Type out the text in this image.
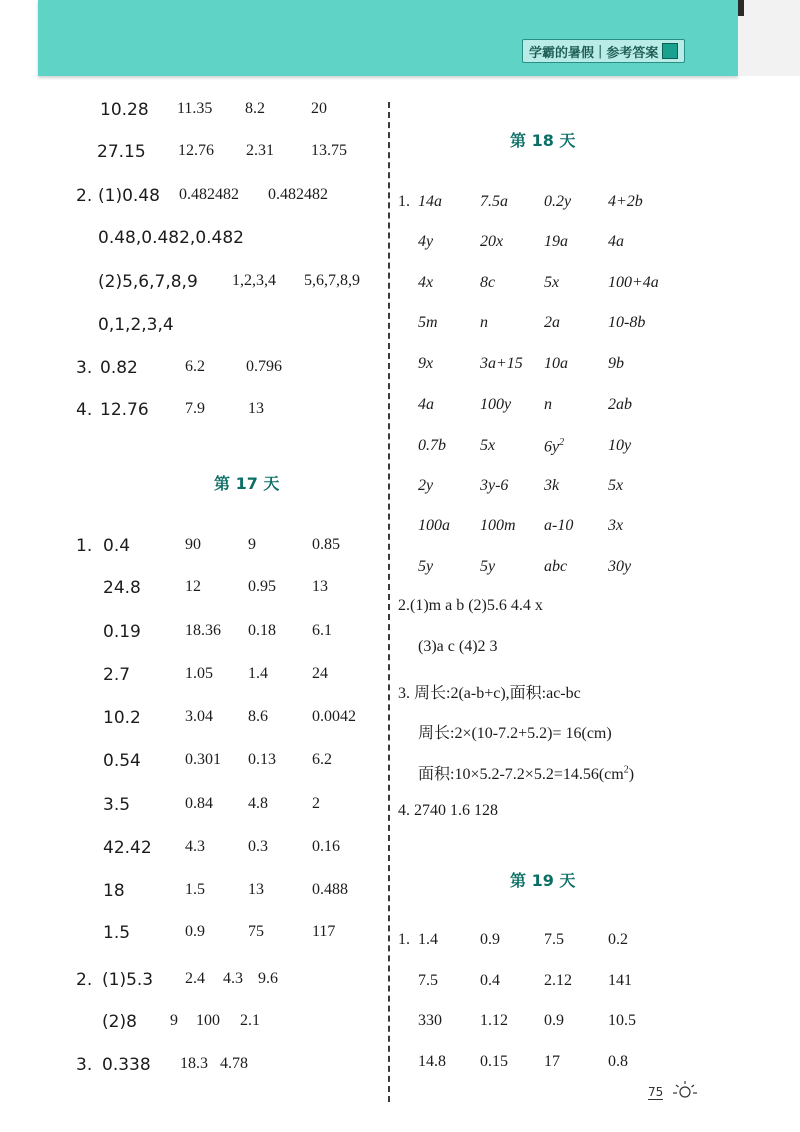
学霸的暑假 | 参考答案
10.28 11.35 8.2	20
27.15 12.76 2.31 13.75
2. (1)0.48 0.482482 0.482482
0.48,0.482,0.482
(2)5,6,7,8,9 1,2,3,4 5,6,7,8,9
0,1,2,3,4
3. 0.82	6.2	0.796
4. 12.76 7.9	13
第 17 天
1. 0.4	90	9	0.85
24.8	12	0.95 13
0.19	18.36 0.18 6.1
2.7	1.05 1.4	24
10.2	3.04 8.6	0.0042
0.54	0.301 0.13 6.2
3.5	0.84 4.8	2
42.42 4.3	0.3	0.16
18	1.5	13	0.488
1.5	0.9	75	117
2. (1)5.3 2.4 4.3 9.6
(2)8 9 100 2.1
3. 0.338 18.3 4.78
第 18 天
1. 14a 7.5a 0.2y 4+2b
4y	20x	19a	4a
4x	8c	5x	100+4a
5m	n	2a	10-8b
9x	3a+15 10a	9b
4a	100y n	2ab
0.7b 5x	$6y^2$	10y
2y	3y-6 3k	5x
100a 100m a-10 3x
5y	5y	abc	30y
2.(1)m a b (2)5.6 4.4 x
(3)a c (4)2 3
3. 周长:2(a-b+c),面积:ac-bc
周长:2×(10-7.2+5.2)= 16(cm)
面积$:10\times 5.2-7.2\times 5.2=14.56(cm^2)$
4. 2740 1.6 128
第 19 天
1. 1.4	0.9	7.5	0.2
7.5	0.4	2.12 141
330 1.12 0.9	10.5
14.8 0.15 17	0.8
75
